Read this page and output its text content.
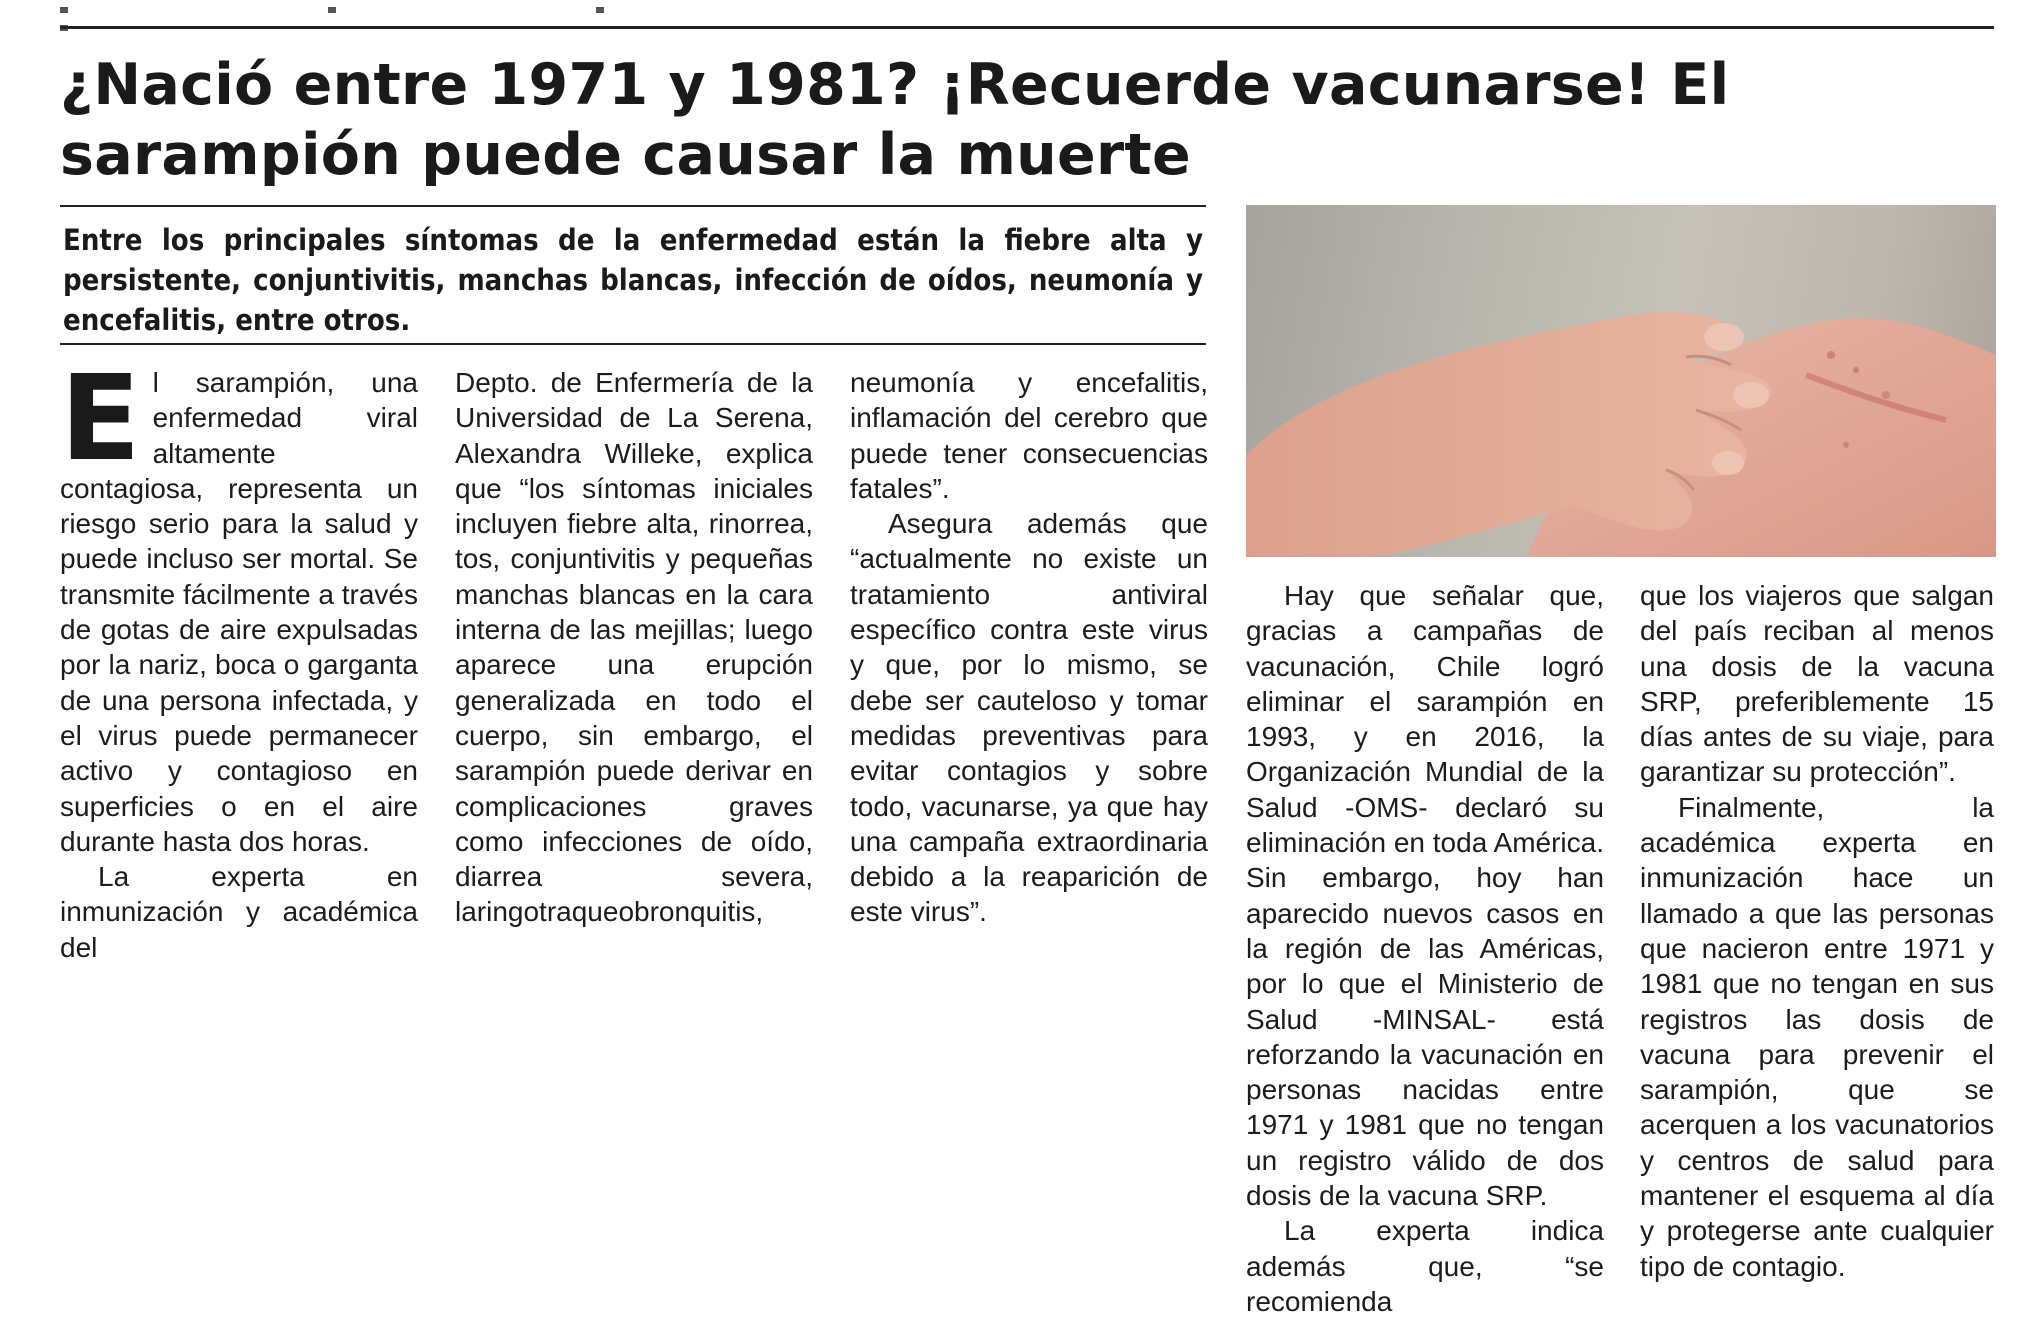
¿Nació entre 1971 y 1981? ¡Recuerde vacunarse! El sarampión puede causar la muerte

Entre los principales síntomas de la enfermedad están la fiebre alta y persistente, conjuntivitis, manchas blancas, infección de oídos, neumonía y encefalitis, entre otros.

E l sarampión, una enfermedad viral altamente contagiosa, representa un riesgo serio para la salud y puede incluso ser mortal. Se transmite fácilmente a través de gotas de aire expulsadas por la nariz, boca o garganta de una persona infectada, y el virus puede permanecer activo y contagioso en superficies o en el aire durante hasta dos horas.

La experta en inmunización y académica del

Depto. de Enfermería de la Universidad de La Serena, Alexandra Willeke, explica que “los síntomas iniciales incluyen fiebre alta, rinorrea, tos, conjuntivitis y pequeñas manchas blancas en la cara interna de las mejillas; luego aparece una erupción generalizada en todo el cuerpo, sin embargo, el sarampión puede derivar en complicaciones graves como infecciones de oído, diarrea severa, laringotraqueobronquitis,

neumonía y encefalitis, inflamación del cerebro que puede tener consecuencias fatales”.

Asegura además que “actualmente no existe un tratamiento antiviral específico contra este virus y que, por lo mismo, se debe ser cauteloso y tomar medidas preventivas para evitar contagios y sobre todo, vacunarse, ya que hay una campaña extraordinaria debido a la reaparición de este virus”.

Hay que señalar que, gracias a campañas de vacunación, Chile logró eliminar el sarampión en 1993, y en 2016, la Organización Mundial de la Salud -OMS- declaró su eliminación en toda América. Sin embargo, hoy han aparecido nuevos casos en la región de las Américas, por lo que el Ministerio de Salud -MINSAL- está reforzando la vacunación en personas nacidas entre 1971 y 1981 que no tengan un registro válido de dos dosis de la vacuna SRP.

La experta indica además que, “se recomienda

que los viajeros que salgan del país reciban al menos una dosis de la vacuna SRP, preferiblemente 15 días antes de su viaje, para garantizar su protección”.

Finalmente, la académica experta en inmunización hace un llamado a que las personas que nacieron entre 1971 y 1981 que no tengan en sus registros las dosis de vacuna para prevenir el sarampión, que se acerquen a los vacunatorios y centros de salud para mantener el esquema al día y protegerse ante cualquier tipo de contagio.
